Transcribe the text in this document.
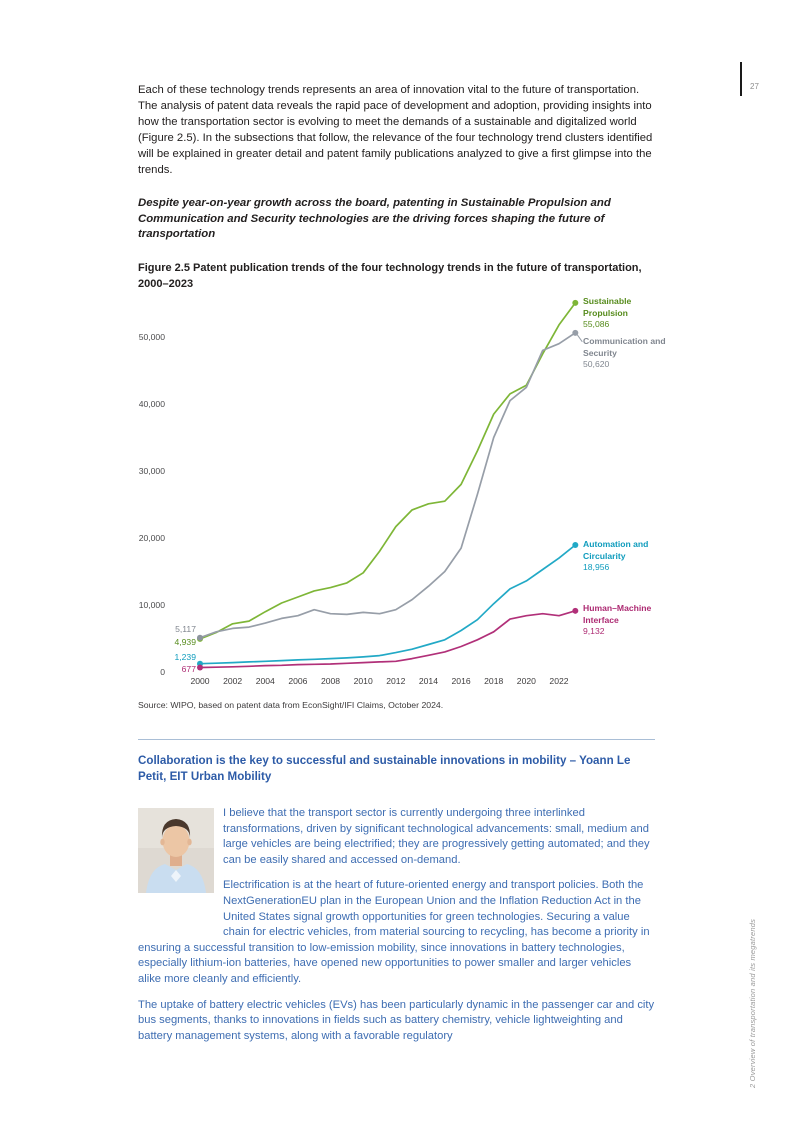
27
2 Overview of transportation and its megatrends
Each of these technology trends represents an area of innovation vital to the future of transportation. The analysis of patent data reveals the rapid pace of development and adoption, providing insights into how the transportation sector is evolving to meet the demands of a sustainable and digitalized world (Figure 2.5). In the subsections that follow, the relevance of the four technology trend clusters identified will be explained in greater detail and patent family publications analyzed to give a first glimpse into the trends.
Despite year-on-year growth across the board, patenting in Sustainable Propulsion and Communication and Security technologies are the driving forces shaping the future of transportation
Figure 2.5 Patent publication trends of the four technology trends in the future of transportation, 2000–2023
0
10,000
20,000
30,000
40,000
50,000
2000 2002 2004 2006 2008 2010 2012 2014 2016 2018 2020 2022
4,939
5,117
1,239
677
Sustainable Propulsion
55,086
Communication and Security
50,620
Automation and Circularity
18,956
Human–Machine Interface
9,132
Source: WIPO, based on patent data from EconSight/IFI Claims, October 2024.
Collaboration is the key to successful and sustainable innovations in mobility – Yoann Le Petit, EIT Urban Mobility

I believe that the transport sector is currently undergoing three interlinked transformations, driven by significant technological advancements: small, medium and large vehicles are being electrified; they are progressively getting automated; and they can be easily shared and accessed on-demand.

Electrification is at the heart of future-oriented energy and transport policies. Both the NextGenerationEU plan in the European Union and the Inflation Reduction Act in the United States signal growth opportunities for green technologies. Securing a value chain for electric vehicles, from material sourcing to recycling, has become a priority in ensuring a successful transition to low-emission mobility, since innovations in battery technologies, especially lithium-ion batteries, have opened new opportunities to power smaller and larger vehicles alike more cleanly and efficiently.

The uptake of battery electric vehicles (EVs) has been particularly dynamic in the passenger car and city bus segments, thanks to innovations in fields such as battery chemistry, vehicle lightweighting and battery management systems, along with a favorable regulatory
